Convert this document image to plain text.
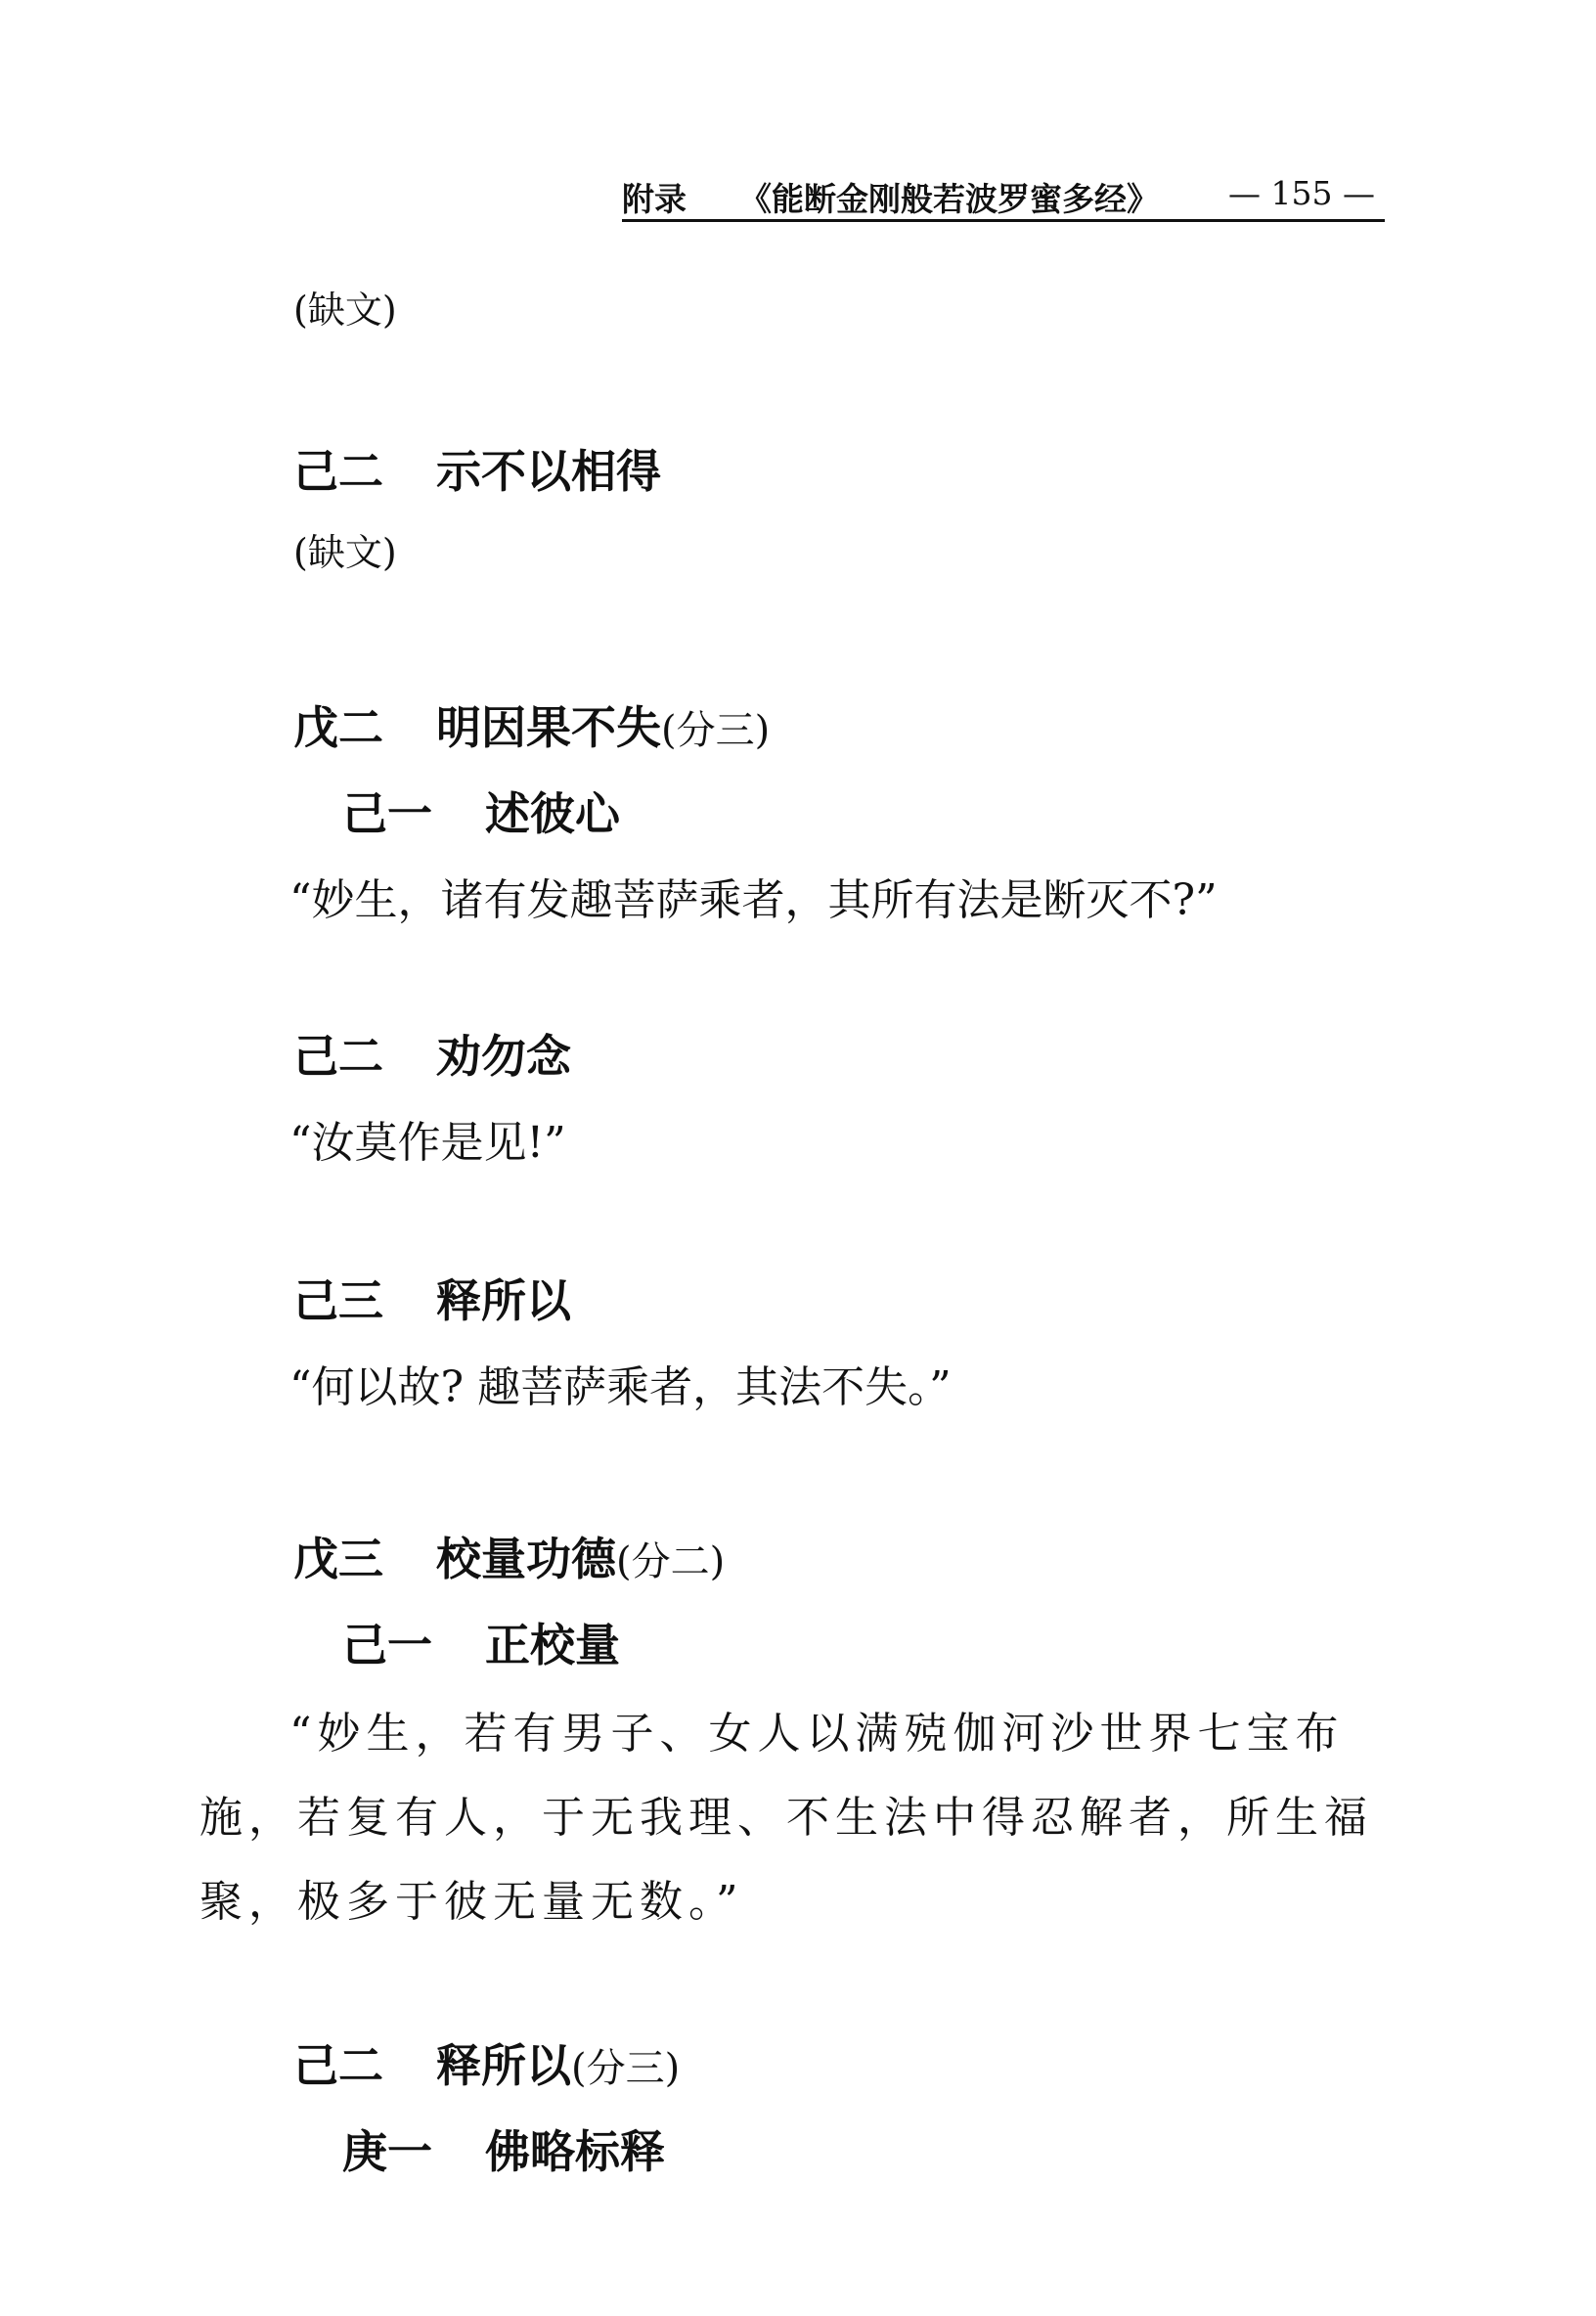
附录 《能断金刚般若波罗蜜多经》 — 155 —
(缺文)
己二 示不以相得
(缺文)
戊二 明因果不失(分三)
己一 述彼心
“妙生，诸有发趣菩萨乘者，其所有法是断灭不?”
己二 劝勿念
“汝莫作是见!”
己三 释所以
“何以故? 趣菩萨乘者，其法不失。”
戊三 校量功德(分二)
己一 正校量
“妙生，若有男子、女人以满殑伽河沙世界七宝布
施，若复有人，于无我理、不生法中得忍解者，所生福
聚，极多于彼无量无数。”
己二 释所以(分三)
庚一 佛略标释
